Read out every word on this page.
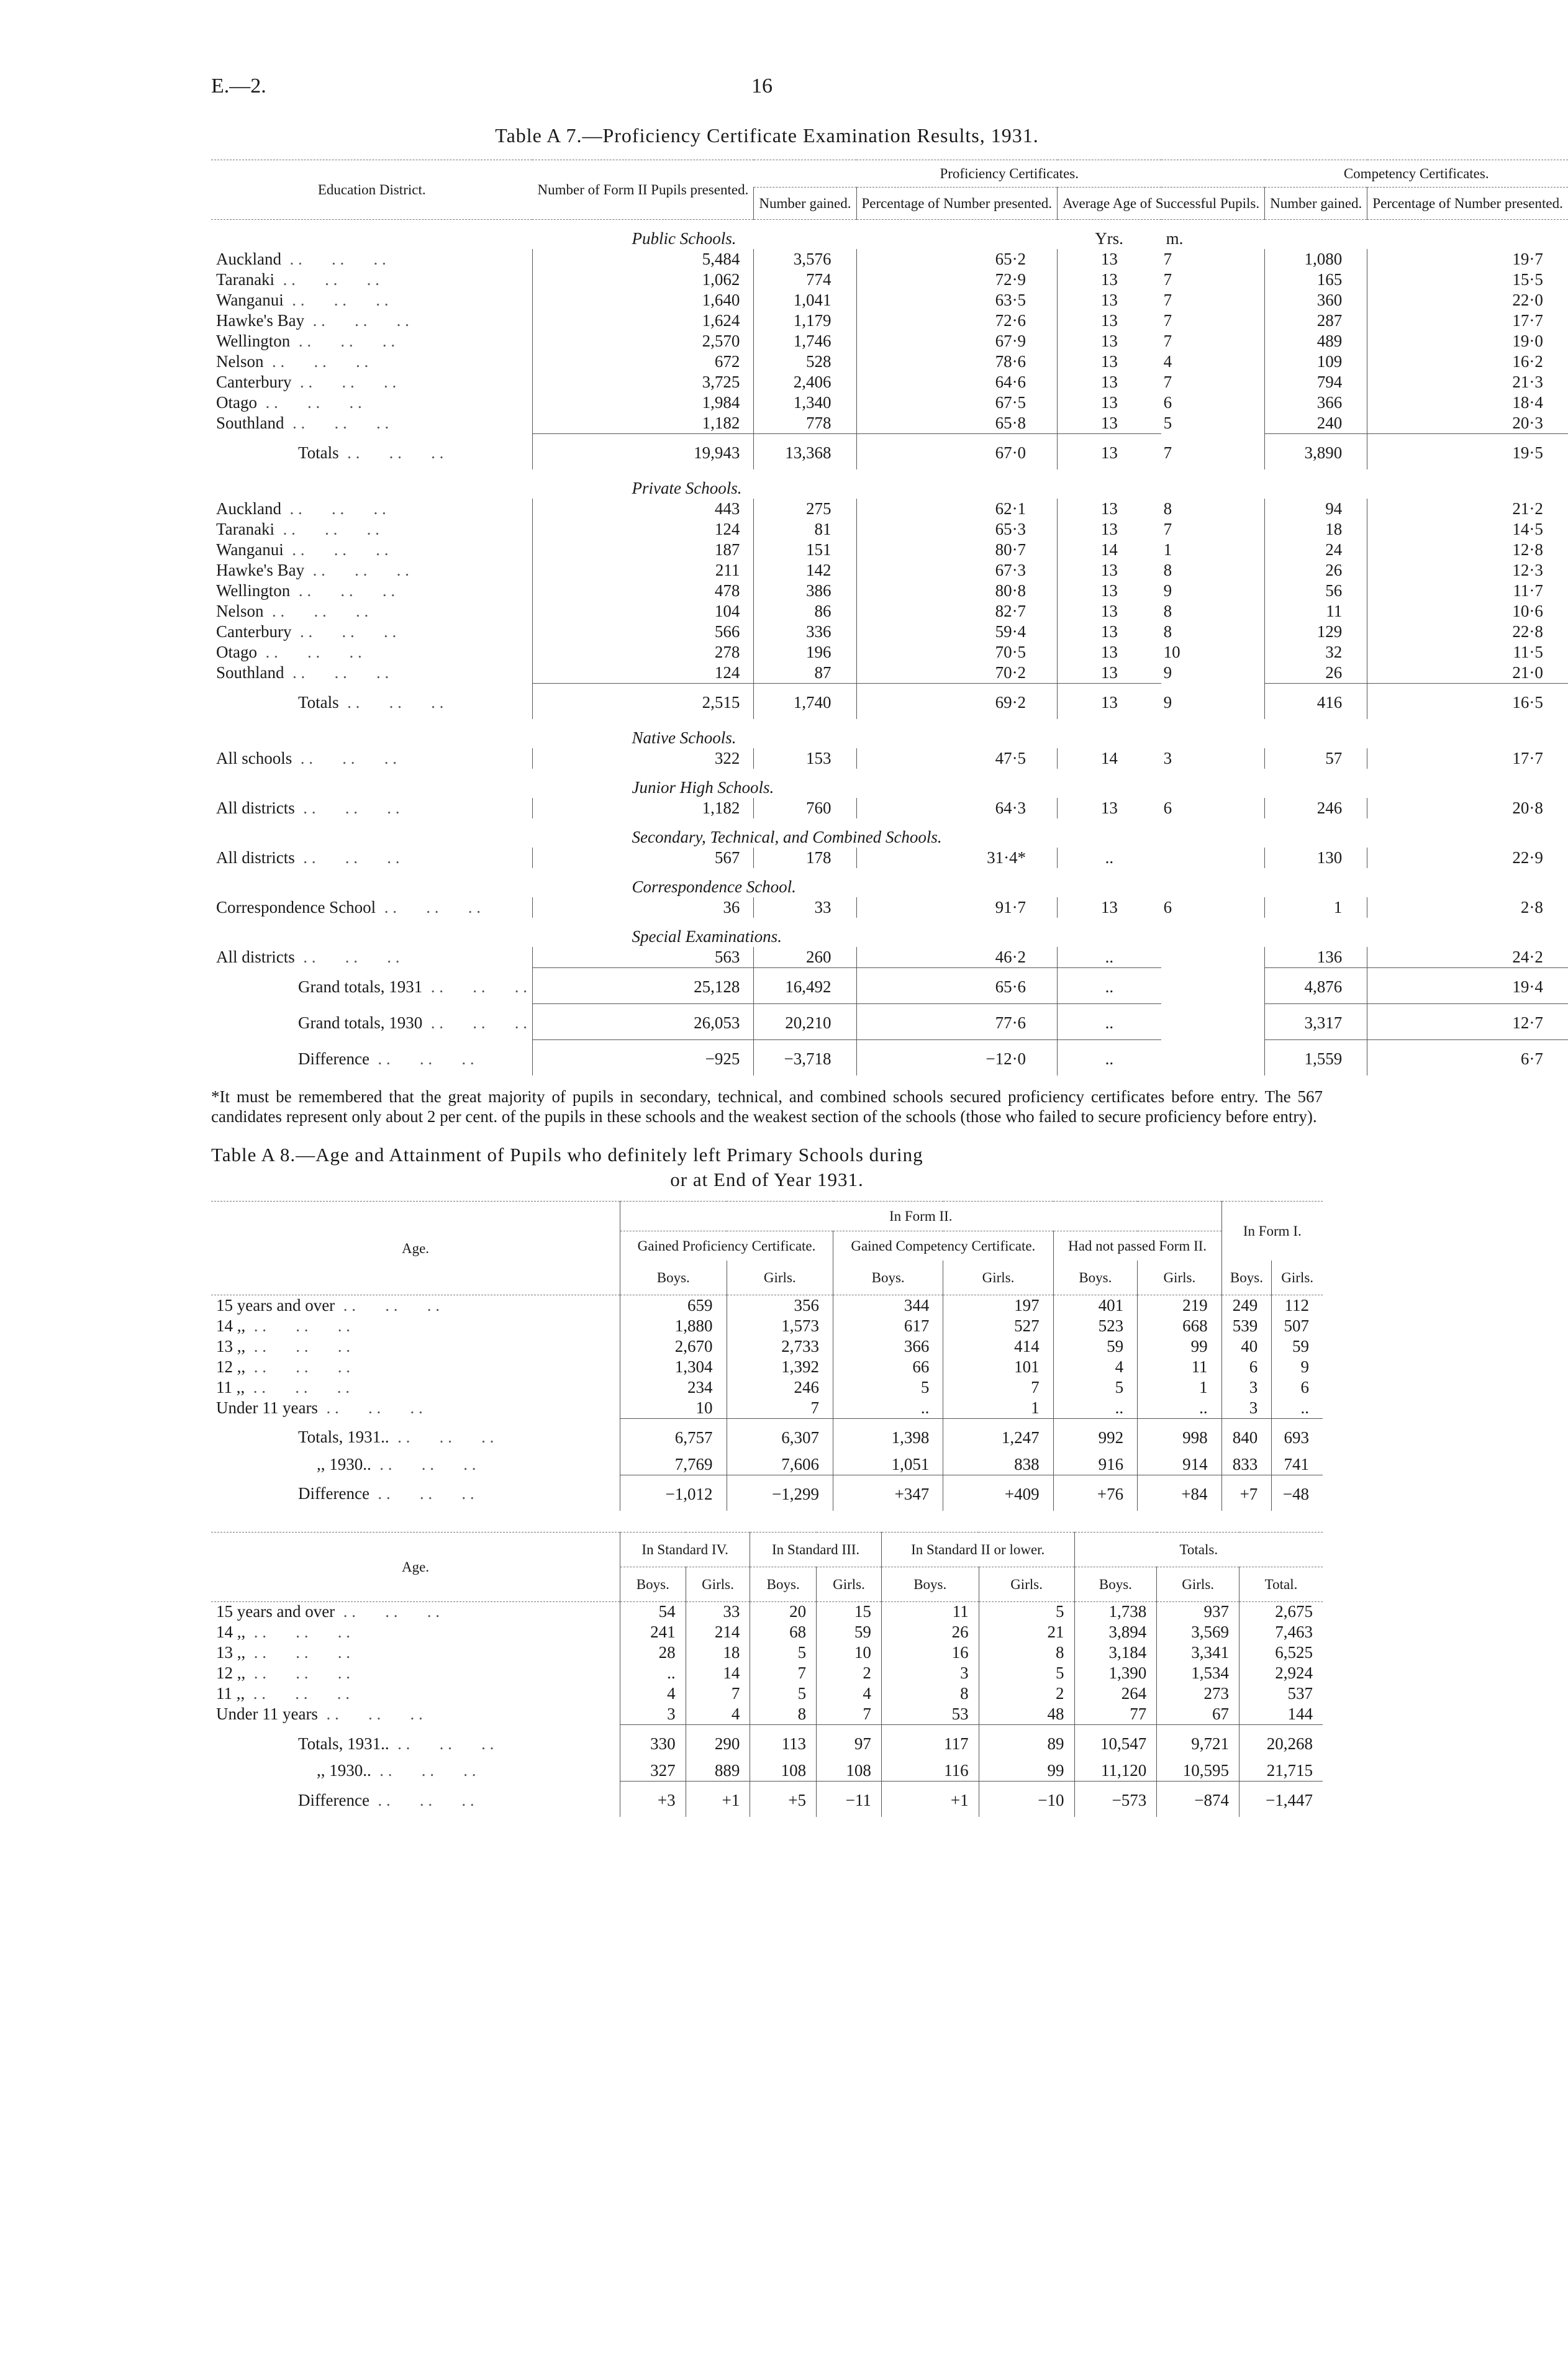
E.—2.	16
Table A 7.—Proficiency Certificate Examination Results, 1931.
Education District.	Number of Form II Pupils presented.	Proficiency Certificates.				Competency Certificates.	
		Number gained.	Percentage of Number presented.	Average Age of Successful Pupils.		Number gained.	Percentage of Number presented.
	Public Schools.			Yrs.	m.		
Auckland . .	5,484	3,576	65·2	13	7	1,080	19·7
Taranaki . .	1,062	774	72·9	13	7	165	15·5
Wanganui . .	1,640	1,041	63·5	13	7	360	22·0
Hawke's Bay . .	1,624	1,179	72·6	13	7	287	17·7
Wellington . .	2,570	1,746	67·9	13	7	489	19·0
Nelson . .	672	528	78·6	13	4	109	16·2
Canterbury . .	3,725	2,406	64·6	13	7	794	21·3
Otago . .	1,984	1,340	67·5	13	6	366	18·4
Southland . .	1,182	778	65·8	13	5	240	20·3
Totals . .	19,943	13,368	67·0	13	7	3,890	19·5
	Private Schools.						
Auckland . .	443	275	62·1	13	8	94	21·2
Taranaki . .	124	81	65·3	13	7	18	14·5
Wanganui . .	187	151	80·7	14	1	24	12·8
Hawke's Bay . .	211	142	67·3	13	8	26	12·3
Wellington . .	478	386	80·8	13	9	56	11·7
Nelson . .	104	86	82·7	13	8	11	10·6
Canterbury . .	566	336	59·4	13	8	129	22·8
Otago . .	278	196	70·5	13	10	32	11·5
Southland . .	124	87	70·2	13	9	26	21·0
Totals . .	2,515	1,740	69·2	13	9	416	16·5
	Native Schools.						
All schools . .	322	153	47·5	14	3	57	17·7
	Junior High Schools.						
All districts . .	1,182	760	64·3	13	6	246	20·8
	Secondary, Technical, and Combined Schools.						
All districts . .	567	178	31·4*	..		130	22·9
	Correspondence School.						
Correspondence School . .	36	33	91·7	13	6	1	2·8
	Special Examinations.						
All districts . .	563	260	46·2	..		136	24·2
Grand totals, 1931 . .	25,128	16,492	65·6	..		4,876	19·4
Grand totals, 1930 . .	26,053	20,210	77·6	..		3,317	12·7
Difference . .	−925	−3,718	−12·0	..		1,559	6·7
*It must be remembered that the great majority of pupils in secondary, technical, and combined schools secured proficiency certificates before entry. The 567 candidates represent only about 2 per cent. of the pupils in these schools and the weakest section of the schools (those who failed to secure proficiency before entry).
Table A 8.—Age and Attainment of Pupils who definitely left Primary Schools during
or at End of Year 1931.
Age.	In Form II.						In Form I.	
	Gained Proficiency Certificate.		Gained Competency Certificate.		Had not passed Form II.			
	Boys.	Girls.	Boys.	Girls.	Boys.	Girls.	Boys.	Girls.

15 years and over . .	659	356	344	197	401	219	249	112
14 ,, . .	1,880	1,573	617	527	523	668	539	507
13 ,, . .	2,670	2,733	366	414	59	99	40	59
12 ,, . .	1,304	1,392	66	101	4	11	6	9
11 ,, . .	234	246	5	7	5	1	3	6
Under 11 years . .	10	7	..	1	..	..	3	..
Totals, 1931.. . .	6,757	6,307	1,398	1,247	992	998	840	693
,, 1930.. . .	7,769	7,606	1,051	838	916	914	833	741
Difference . .	−1,012	−1,299	+347	+409	+76	+84	+7	−48
Age.	In Standard IV.		In Standard III.		In Standard II or lower.		Totals.		
	Boys.	Girls.	Boys.	Girls.	Boys.	Girls.	Boys.	Girls.	Total.

15 years and over . .	54	33	20	15	11	5	1,738	937	2,675
14 ,, . .	241	214	68	59	26	21	3,894	3,569	7,463
13 ,, . .	28	18	5	10	16	8	3,184	3,341	6,525
12 ,, . .	..	14	7	2	3	5	1,390	1,534	2,924
11 ,, . .	4	7	5	4	8	2	264	273	537
Under 11 years . .	3	4	8	7	53	48	77	67	144
Totals, 1931.. . .	330	290	113	97	117	89	10,547	9,721	20,268
,, 1930.. . .	327	889	108	108	116	99	11,120	10,595	21,715
Difference . .	+3	+1	+5	−11	+1	−10	−573	−874	−1,447
